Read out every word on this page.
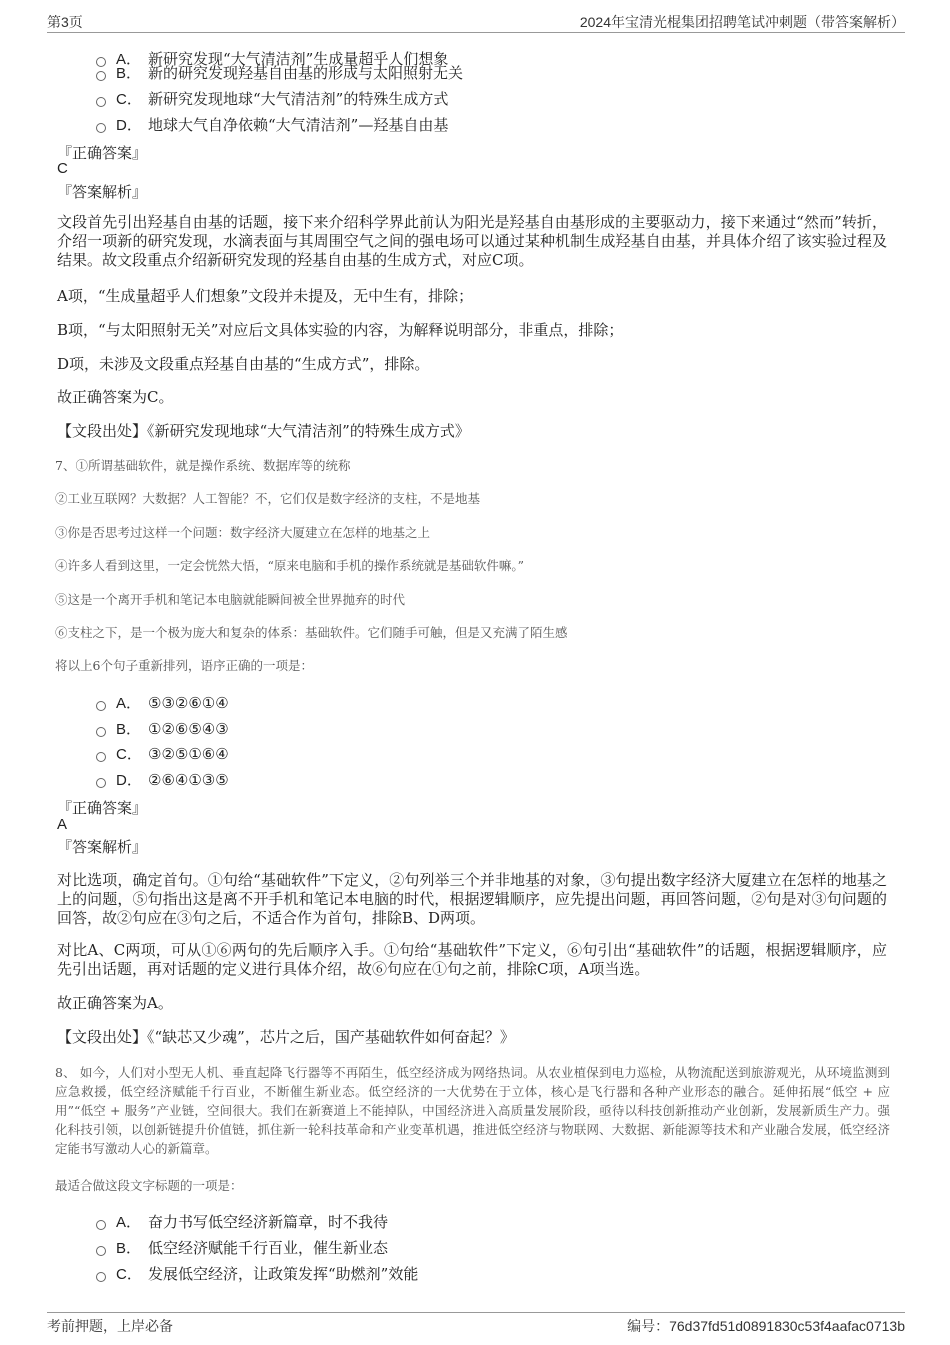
第3页	2024年宝清光棍集团招聘笔试冲刺题（带答案解析）
A． 新研究发现“大气清洁剂”生成量超乎人们想象
B． 新的研究发现羟基自由基的形成与太阳照射无关
C． 新研究发现地球“大气清洁剂”的特殊生成方式
D． 地球大气自净依赖“大气清洁剂”—羟基自由基
『正确答案』
C
『答案解析』
文段首先引出羟基自由基的话题，接下来介绍科学界此前认为阳光是羟基自由基形成的主要驱动力，接下来通过“然而”转折，介绍一项新的研究发现，水滴表面与其周围空气之间的强电场可以通过某种机制生成羟基自由基，并具体介绍了该实验过程及结果。故文段重点介绍新研究发现的羟基自由基的生成方式，对应C项。
A项，“生成量超乎人们想象”文段并未提及，无中生有，排除；
B项，“与太阳照射无关”对应后文具体实验的内容，为解释说明部分，非重点，排除；
D项，未涉及文段重点羟基自由基的“生成方式”，排除。
故正确答案为C。
【文段出处】《新研究发现地球“大气清洁剂”的特殊生成方式》
7、①所谓基础软件，就是操作系统、数据库等的统称
②工业互联网？大数据？人工智能？不，它们仅是数字经济的支柱，不是地基
③你是否思考过这样一个问题：数字经济大厦建立在怎样的地基之上
④许多人看到这里，一定会恍然大悟，“原来电脑和手机的操作系统就是基础软件嘛。”
⑤这是一个离开手机和笔记本电脑就能瞬间被全世界抛弃的时代
⑥支柱之下，是一个极为庞大和复杂的体系：基础软件。它们随手可触，但是又充满了陌生感
将以上6个句子重新排列，语序正确的一项是：
A． ⑤③②⑥①④
B． ①②⑥⑤④③
C． ③②⑤①⑥④
D． ②⑥④①③⑤
『正确答案』
A
『答案解析』
对比选项，确定首句。①句给“基础软件”下定义，②句列举三个并非地基的对象，③句提出数字经济大厦建立在怎样的地基之上的问题，⑤句指出这是离不开手机和笔记本电脑的时代，根据逻辑顺序，应先提出问题，再回答问题，②句是对③句问题的回答，故②句应在③句之后，不适合作为首句，排除B、D两项。
对比A、C两项，可从①⑥两句的先后顺序入手。①句给“基础软件”下定义，⑥句引出“基础软件”的话题，根据逻辑顺序，应先引出话题，再对话题的定义进行具体介绍，故⑥句应在①句之前，排除C项，A项当选。
故正确答案为A。
【文段出处】《“缺芯又少魂”，芯片之后，国产基础软件如何奋起？》
8、 如今，人们对小型无人机、垂直起降飞行器等不再陌生，低空经济成为网络热词。从农业植保到电力巡检，从物流配送到旅游观光，从环境监测到应急救援，低空经济赋能千行百业，不断催生新业态。低空经济的一大优势在于立体，核心是飞行器和各种产业形态的融合。延伸拓展“低空 + 应用”“低空 + 服务”产业链，空间很大。我们在新赛道上不能掉队，中国经济进入高质量发展阶段，亟待以科技创新推动产业创新，发展新质生产力。强化科技引领，以创新链提升价值链，抓住新一轮科技革命和产业变革机遇，推进低空经济与物联网、大数据、新能源等技术和产业融合发展，低空经济定能书写激动人心的新篇章。
最适合做这段文字标题的一项是：
A． 奋力书写低空经济新篇章，时不我待
B． 低空经济赋能千行百业，催生新业态
C． 发展低空经济，让政策发挥“助燃剂”效能
考前押题，上岸必备	编号：76d37fd51d0891830c53f4aafac0713b
